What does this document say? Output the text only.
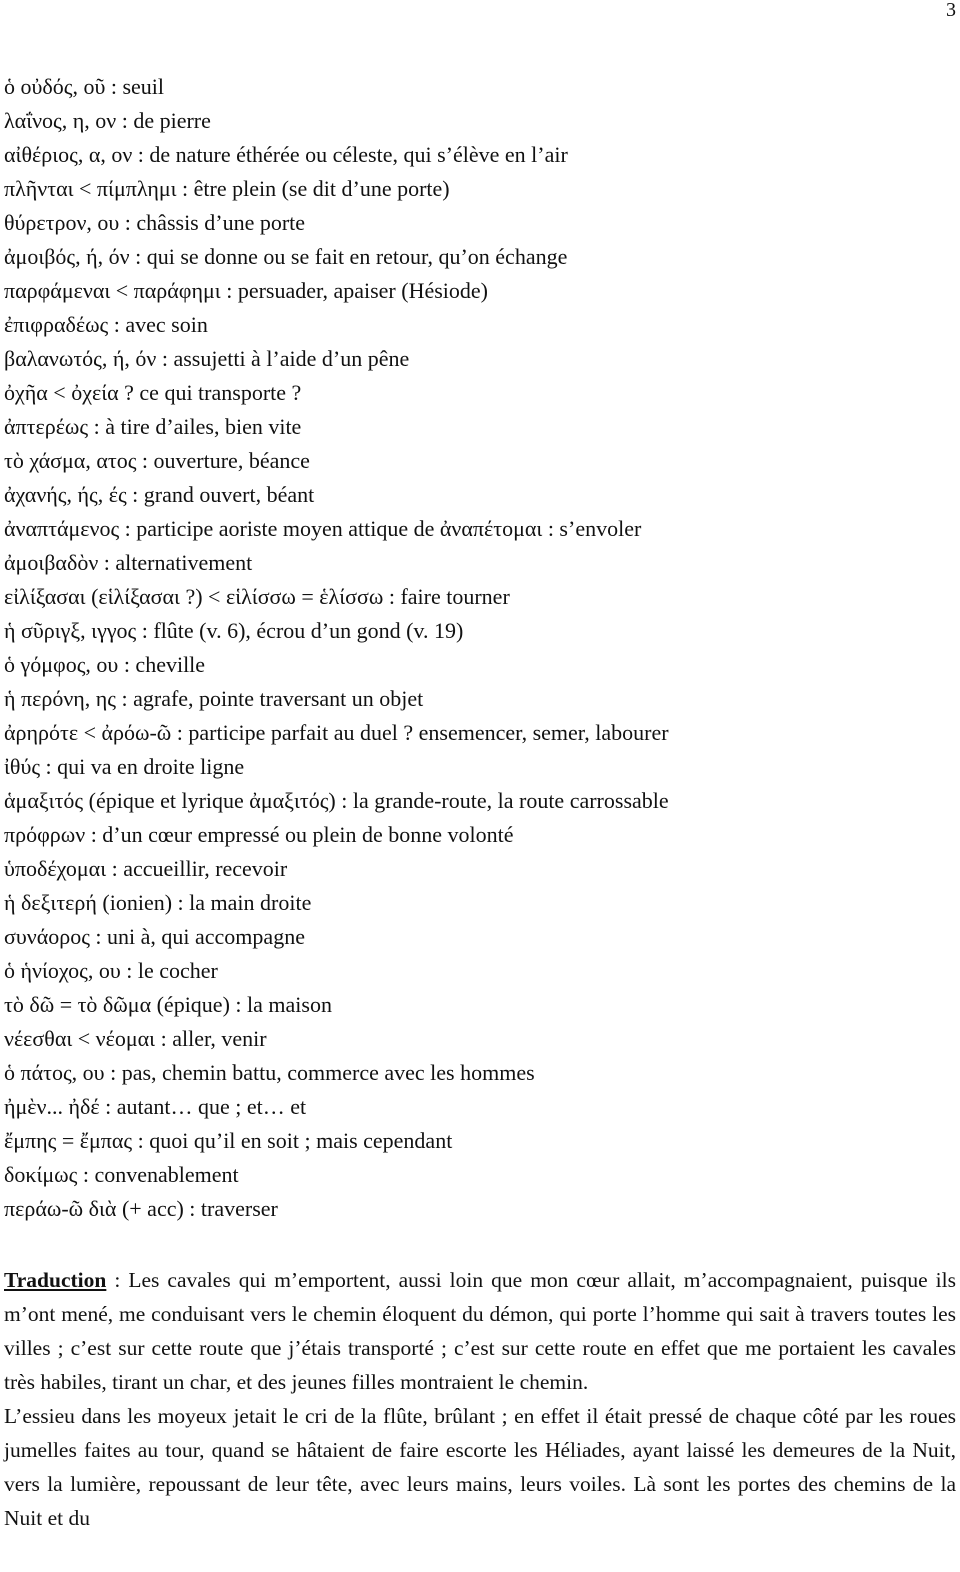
3
ὁ οὐδός, οῦ : seuil
λαΐνος, η, ον : de pierre
αἰθέριος, α, ον : de nature éthérée ou céleste, qui s’élève en l’air
πλῆνται < πίμπλημι : être plein (se dit d’une porte)
θύρετρον, ου : châssis d’une porte
ἀμοιβός, ή, όν : qui se donne ou se fait en retour, qu’on échange
παρφάμεναι < παράφημι : persuader, apaiser (Hésiode)
ἐπιφραδέως : avec soin
βαλανωτός, ή, όν : assujetti à l’aide d’un pêne
ὀχῆα < ὀχεία ? ce qui transporte ?
ἀπτερέως : à tire d’ailes, bien vite
τὸ χάσμα, ατος : ouverture, béance
ἀχανής, ής, ές : grand ouvert, béant
ἀναπτάμενος : participe aoriste moyen attique de ἀναπέτομαι : s’envoler
ἀμοιβαδὸν : alternativement
εἰλίξασαι (εἱλίξασαι ?) < εἱλίσσω = ἑλίσσω : faire tourner
ἡ σῦριγξ, ιγγος : flûte (v. 6), écrou d’un gond (v. 19)
ὁ γόμφος, ου : cheville
ἡ περόνη, ης : agrafe, pointe traversant un objet
ἀρηρότε < ἀρόω-ῶ : participe parfait au duel ? ensemencer, semer, labourer
ἰθύς : qui va en droite ligne
ἁμαξιτός (épique et lyrique ἀμαξιτός) : la grande-route, la route carrossable
πρόφρων : d’un cœur empressé ou plein de bonne volonté
ὑποδέχομαι : accueillir, recevoir
ἡ δεξιτερή (ionien) : la main droite
συνάορος : uni à, qui accompagne
ὁ ἡνίοχος, ου : le cocher
τὸ δῶ = τὸ δῶμα (épique) : la maison
νέεσθαι < νέομαι : aller, venir
ὁ πάτος, ου : pas, chemin battu, commerce avec les hommes
ἠμὲν... ἠδέ : autant… que ; et… et
ἔμπης = ἔμπας : quoi qu’il en soit ; mais cependant
δοκίμως : convenablement
περάω-ῶ διὰ (+ acc) : traverser

Traduction : Les cavales qui m’emportent, aussi loin que mon cœur allait, m’accompagnaient, puisque ils m’ont mené, me conduisant vers le chemin éloquent du démon, qui porte l’homme qui sait à travers toutes les villes ; c’est sur cette route que j’étais transporté ; c’est sur cette route en effet que me portaient les cavales très habiles, tirant un char, et des jeunes filles montraient le chemin.

L’essieu dans les moyeux jetait le cri de la flûte, brûlant ; en effet il était pressé de chaque côté par les roues jumelles faites au tour, quand se hâtaient de faire escorte les Héliades, ayant laissé les demeures de la Nuit, vers la lumière, repoussant de leur tête, avec leurs mains, leurs voiles. Là sont les portes des chemins de la Nuit et du
